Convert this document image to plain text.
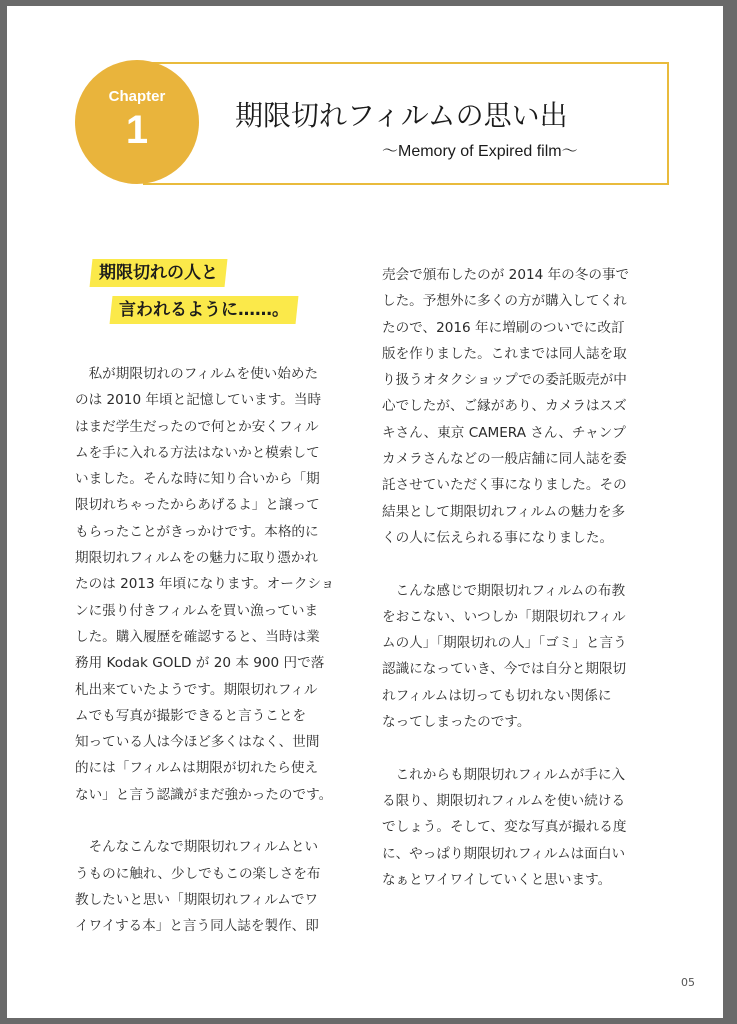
Chapter
1	期限切れフィルムの思い出
〜Memory of Expired film〜
期限切れの人と
言われるように……。

　私が期限切れのフィルムを使い始めた

のは 2010 年頃と記憶しています。当時

はまだ学生だったので何とか安くフィル

ムを手に入れる方法はないかと模索して

いました。そんな時に知り合いから「期

限切れちゃったからあげるよ」と譲って

もらったことがきっかけです。本格的に

期限切れフィルムをの魅力に取り憑かれ

たのは 2013 年頃になります。オークショ

ンに張り付きフィルムを買い漁っていま

した。購入履歴を確認すると、当時は業

務用 Kodak GOLD が 20 本 900 円で落

札出来ていたようです。期限切れフィル

ムでも写真が撮影できると言うことを

知っている人は今ほど多くはなく、世間

的には「フィルムは期限が切れたら使え

ない」と言う認識がまだ強かったのです。

　そんなこんなで期限切れフィルムとい

うものに触れ、少しでもこの楽しさを布

教したいと思い「期限切れフィルムでワ

イワイする本」と言う同人誌を製作、即

売会で頒布したのが 2014 年の冬の事で

した。予想外に多くの方が購入してくれ

たので、2016 年に増刷のついでに改訂

版を作りました。これまでは同人誌を取

り扱うオタクショップでの委託販売が中

心でしたが、ご縁があり、カメラはスズ

キさん、東京 CAMERA さん、チャンプ

カメラさんなどの一般店舗に同人誌を委

託させていただく事になりました。その

結果として期限切れフィルムの魅力を多

くの人に伝えられる事になりました。

　こんな感じで期限切れフィルムの布教

をおこない、いつしか「期限切れフィル

ムの人」「期限切れの人」「ゴミ」と言う

認識になっていき、今では自分と期限切

れフィルムは切っても切れない関係に

なってしまったのです。

　これからも期限切れフィルムが手に入

る限り、期限切れフィルムを使い続ける

でしょう。そして、変な写真が撮れる度

に、やっぱり期限切れフィルムは面白い

なぁとワイワイしていくと思います。

05
